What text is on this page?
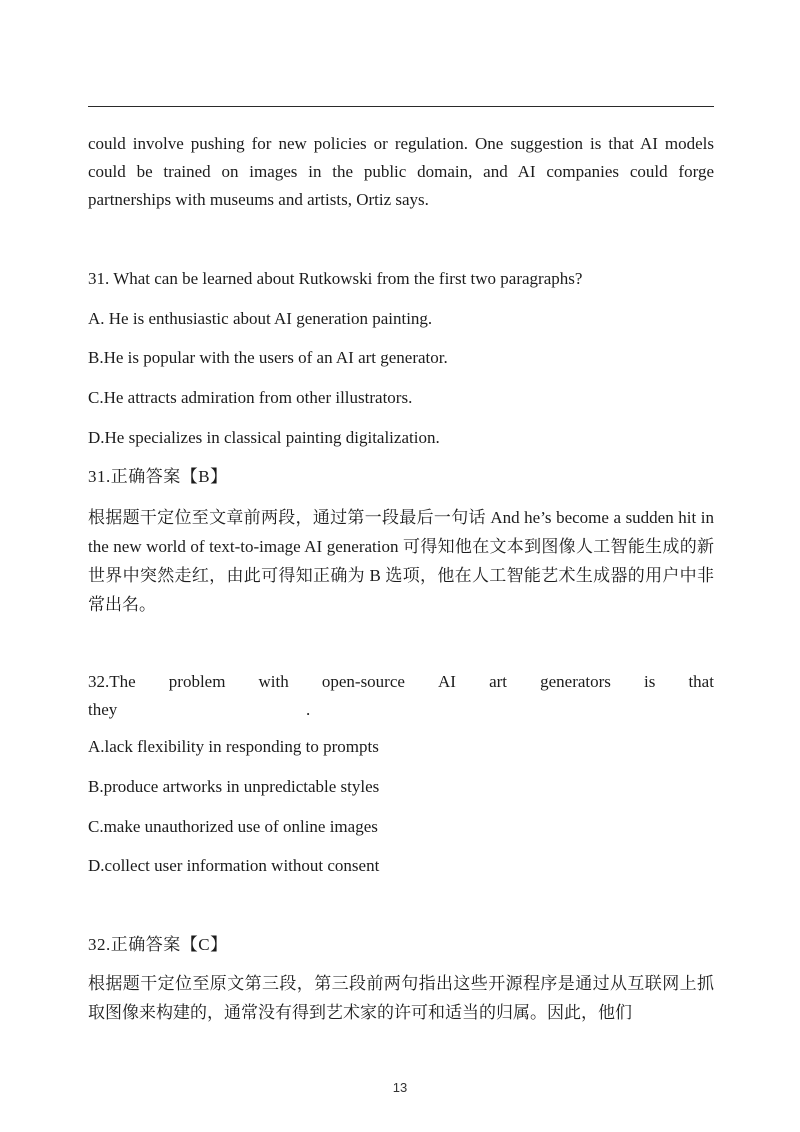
could involve pushing for new policies or regulation. One suggestion is that AI models could be trained on images in the public domain, and AI companies could forge partnerships with museums and artists, Ortiz says.

31. What can be learned about Rutkowski from the first two paragraphs?

A. He is enthusiastic about AI generation painting.

B.He is popular with the users of an AI art generator.

C.He attracts admiration from other illustrators.

D.He specializes in classical painting digitalization.

31.正确答案【B】

根据题干定位至文章前两段，通过第一段最后一句话 And he’s become a sudden hit in the new world of text-to-image AI generation 可得知他在文本到图像人工智能生成的新世界中突然走红，由此可得知正确为 B 选项，他在人工智能艺术生成器的用户中非常出名。

32.The problem with open-source AI art generators is that
they	.

A.lack flexibility in responding to prompts

B.produce artworks in unpredictable styles

C.make unauthorized use of online images

D.collect user information without consent

32.正确答案【C】

根据题干定位至原文第三段，第三段前两句指出这些开源程序是通过从互联网上抓取图像来构建的，通常没有得到艺术家的许可和适当的归属。因此，他们

13
